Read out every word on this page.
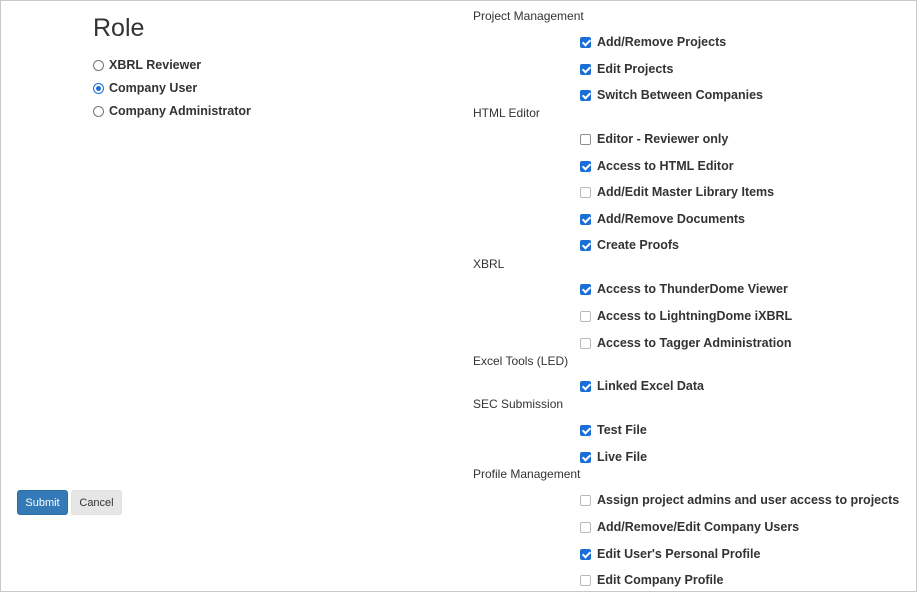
Role
XBRL Reviewer
Company User
Company Administrator
Project Management
Add/Remove Projects
Edit Projects
Switch Between Companies
HTML Editor
Editor - Reviewer only
Access to HTML Editor
Add/Edit Master Library Items
Add/Remove Documents
Create Proofs
XBRL
Access to ThunderDome Viewer
Access to LightningDome iXBRL
Access to Tagger Administration
Excel Tools (LED)
Linked Excel Data
SEC Submission
Test File
Live File
Profile Management
Assign project admins and user access to projects
Add/Remove/Edit Company Users
Edit User's Personal Profile
Edit Company Profile
Submit	Cancel
